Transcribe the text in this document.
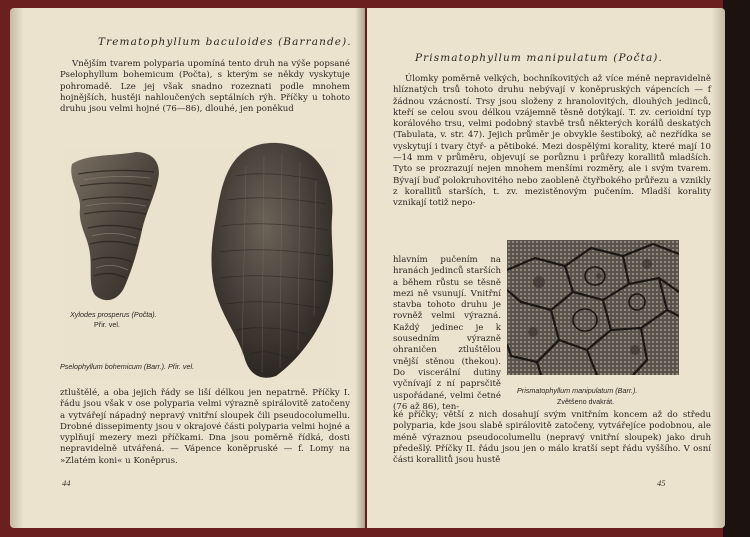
Trematophyllum baculoides (Barrande).

Vnějším tvarem polyparia upomíná tento druh na výše popsané Pselophyllum bohemicum (Počta), s kterým se někdy vyskytuje pohromadě. Lze jej však snadno rozeznati podle mnohem hojnějších, hustěji nahloučených septálních rýh. Příčky u tohoto druhu jsou velmi hojné (76—86), dlouhé, jen poněkud

Xylodes prosperus (Počta).
Přir. vel.
Pselophyllum bohemicum (Barr.). Přir. vel.

ztluštělé, a oba jejich řády se liší délkou jen nepatrně. Příčky I. řádu jsou však v ose polyparia velmi výrazně spirálovitě zatočeny a vytvářejí nápadný nepravý vnitřní sloupek čili pseudocolumellu. Drobné dissepimenty jsou v okrajové části polyparia velmi hojné a vyplňují mezery mezi příčkami. Dna jsou poměrně řídká, dosti nepravidelně utvářená. — Vápence koněpruské — f. Lomy na »Zlatém koni« u Koněprus.

44
Prismatophyllum manipulatum (Počta).

Úlomky poměrně velkých, bochníkovitých až více méně nepravidelně hlíznatých trsů tohoto druhu nebývají v koněpruských vápencích — f žádnou vzácností. Trsy jsou složeny z hranolovitých, dlouhých jedinců, kteří se celou svou délkou vzájemně těsně dotýkají. T. zv. cerioidní typ korálového trsu, velmi podobný stavbě trsů některých korálů deskatých (Tabulata, v. str. 47). Jejich průměr je obvykle šestiboký, ač nezřídka se vyskytují i tvary čtyř- a pětiboké. Mezi dospělými korality, které mají 10—14 mm v průměru, objevují se porůznu i průřezy korallitů mladších. Tyto se prozrazují nejen mnohem menšími rozměry, ale i svým tvarem. Bývají buď polokruhovitého nebo zaobleně čtyřbokého průřezu a vznikly z korallitů starších, t. zv. mezistěnovým pučením. Mladší korality vznikají totiž nepo-

hlavním pučením na hranách jedinců starších a během růstu se těsně mezi ně vsunují. Vnitřní stavba tohoto druhu je rovněž velmi výrazná. Každý jedinec je k sousedním výrazně ohraničen ztluštělou vnější stěnou (thekou). Do viscerální dutiny vyčnívají z ní paprsčitě uspořádané, velmi četné (76 až 86), ten-

Prismatophyllum manipulatum (Barr.).
Zvětšeno dvakrát.

ké příčky; větší z nich dosahují svým vnitřním koncem až do středu polyparia, kde jsou slabě spirálovitě zatočeny, vytvářejíce podobnou, ale méně výraznou pseudocolumellu (nepravý vnitřní sloupek) jako druh předešlý. Příčky II. řádu jsou jen o málo kratší sept řádu vyššího. V osní části korallitů jsou hustě

45
